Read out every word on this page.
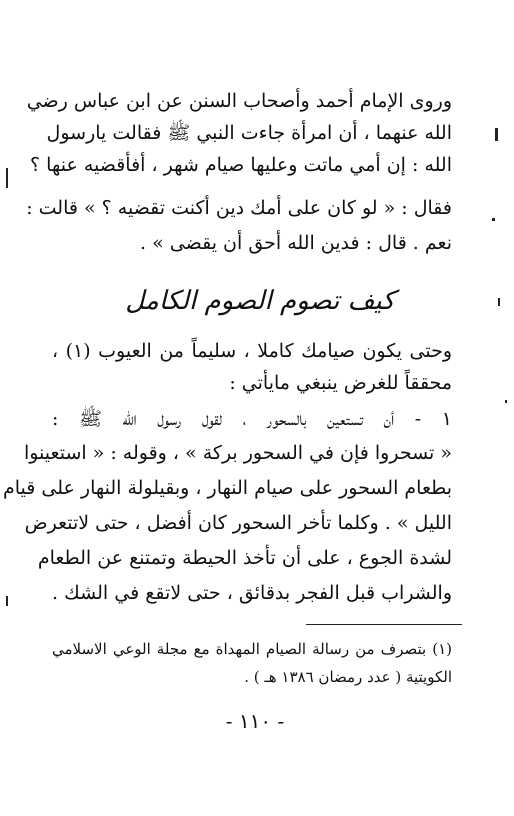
وروى الإمام أحمد وأصحاب السنن عن ابن عباس رضي
الله عنهما ، أن امرأة جاءت النبي ﷺ فقالت يارسول
الله : إن أمي ماتت وعليها صيام شهر ، أفأقضيه عنها ؟
فقال : « لو كان على أمك دين أكنت تقضيه ؟ » قالت :
نعم . قال : فدين الله أحق أن يقضى » .
كيف تصوم الصوم الكامل
وحتى يكون صيامك كاملا ، سليماً من العيوب (١) ،
محققاً للغرض ينبغي مايأتي :
١ - أن تستعين بالسحور ، لقول رسول الله ﷺ :
« تسحروا فإن في السحور بركة » ، وقوله : « استعينوا
بطعام السحور على صيام النهار ، وبقيلولة النهار على قيام
الليل » . وكلما تأخر السحور كان أفضل ، حتى لاتتعرض
لشدة الجوع ، على أن تأخذ الحيطة وتمتنع عن الطعام
والشراب قبل الفجر بدقائق ، حتى لاتقع في الشك .
(١) بتصرف من رسالة الصيام المهداة مع مجلة الوعي الاسلامي
الكويتية ( عدد رمضان ١٣٨٦ هـ ) .
- ١١٠ -
